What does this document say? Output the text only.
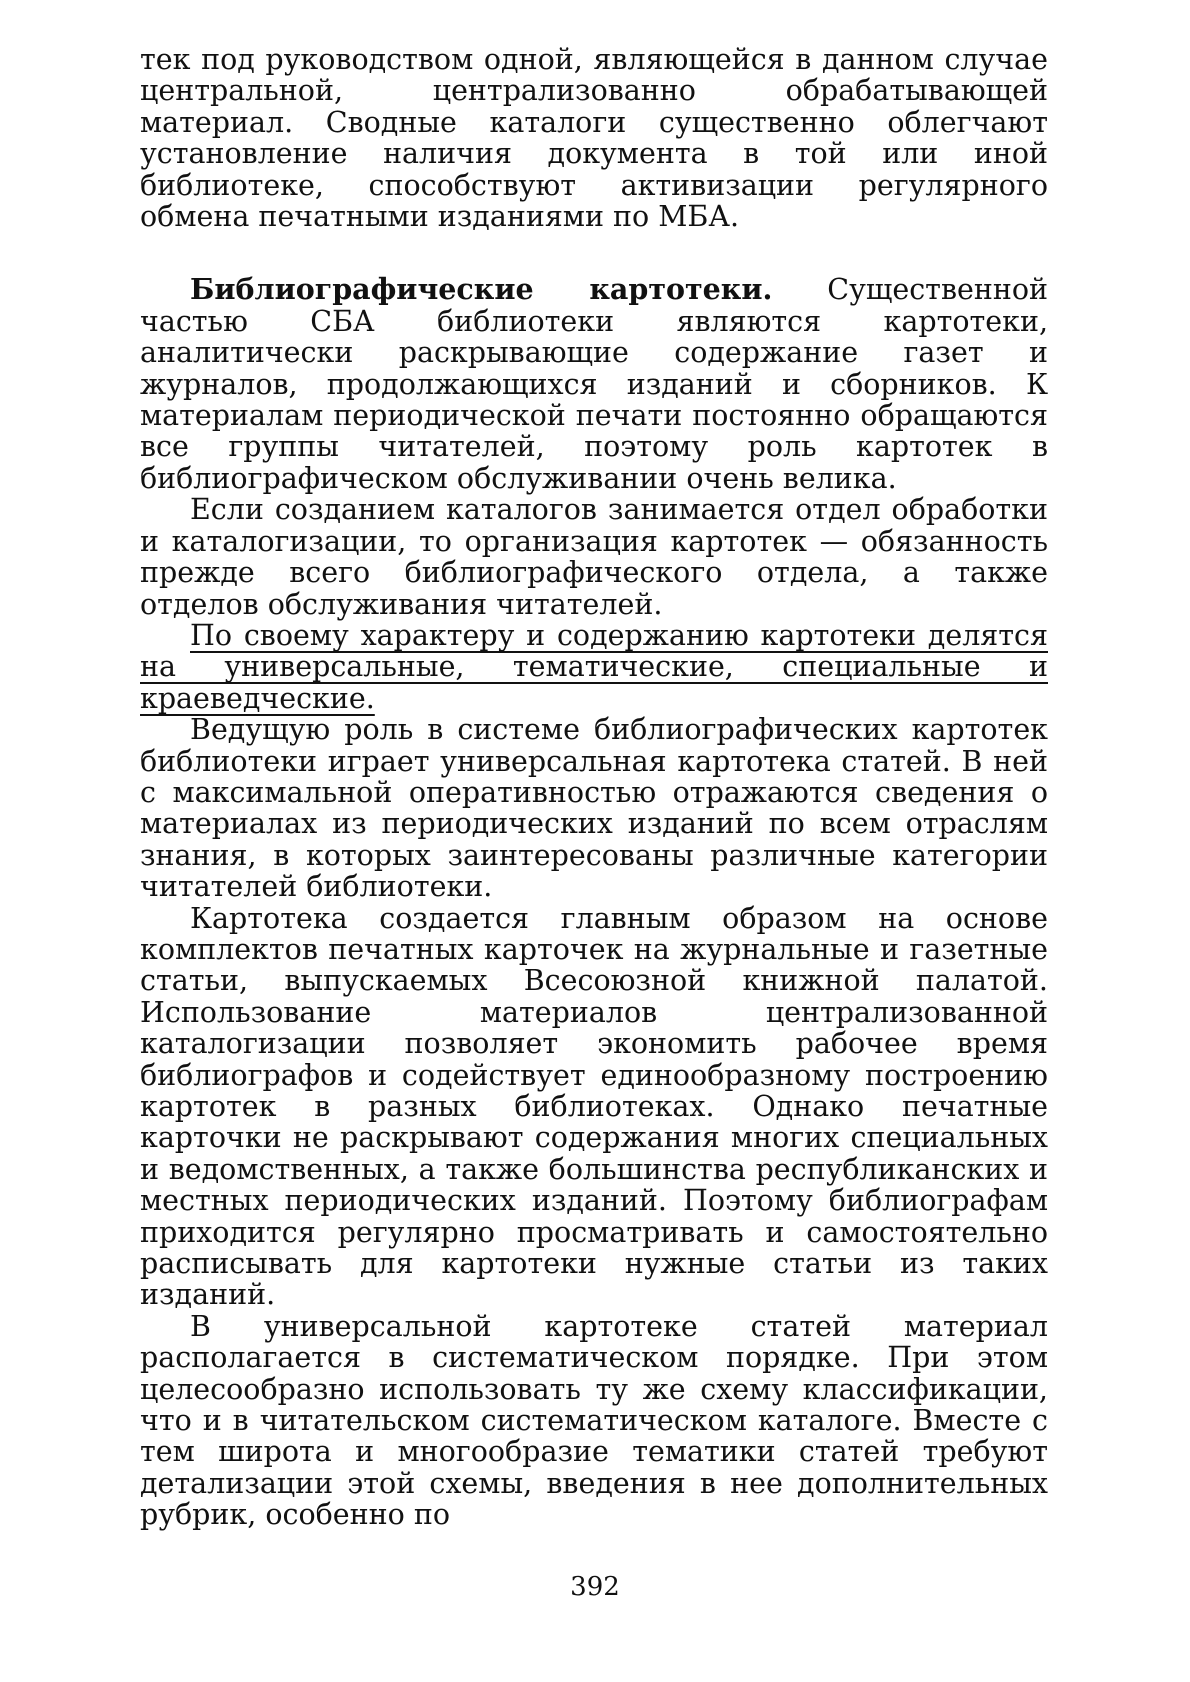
тек под руководством одной, являющейся в данном случае центральной, централизованно обрабатывающей материал. Сводные каталоги существенно облегчают установление наличия документа в той или иной библиотеке, способствуют активизации регулярного обмена печатными изданиями по МБА.

Библиографические картотеки. Существенной частью СБА библиотеки являются картотеки, аналитически раскрывающие содержание газет и журналов, продолжающихся изданий и сборников. К материалам периодической печати постоянно обращаются все группы читателей, поэтому роль картотек в библиографическом обслуживании очень велика.

Если созданием каталогов занимается отдел обработки и каталогизации, то организация картотек — обязанность прежде всего библиографического отдела, а также отделов обслуживания читателей.

По своему характеру и содержанию картотеки делятся на универсальные, тематические, специальные и краеведческие.

Ведущую роль в системе библиографических картотек библиотеки играет универсальная картотека статей. В ней с максимальной оперативностью отражаются сведения о материалах из периодических изданий по всем отраслям знания, в которых заинтересованы различные категории читателей библиотеки.

Картотека создается главным образом на основе комплектов печатных карточек на журнальные и газетные статьи, выпускаемых Всесоюзной книжной палатой. Использование материалов централизованной каталогизации позволяет экономить рабочее время библиографов и содействует единообразному построению картотек в разных библиотеках. Однако печатные карточки не раскрывают содержания многих специальных и ведомственных, а также большинства республиканских и местных периодических изданий. Поэтому библиографам приходится регулярно просматривать и самостоятельно расписывать для картотеки нужные статьи из таких изданий.

В универсальной картотеке статей материал располагается в систематическом порядке. При этом целесообразно использовать ту же схему классификации, что и в читательском систематическом каталоге. Вместе с тем широта и многообразие тематики статей требуют детализации этой схемы, введения в нее дополнительных рубрик, особенно по

392
